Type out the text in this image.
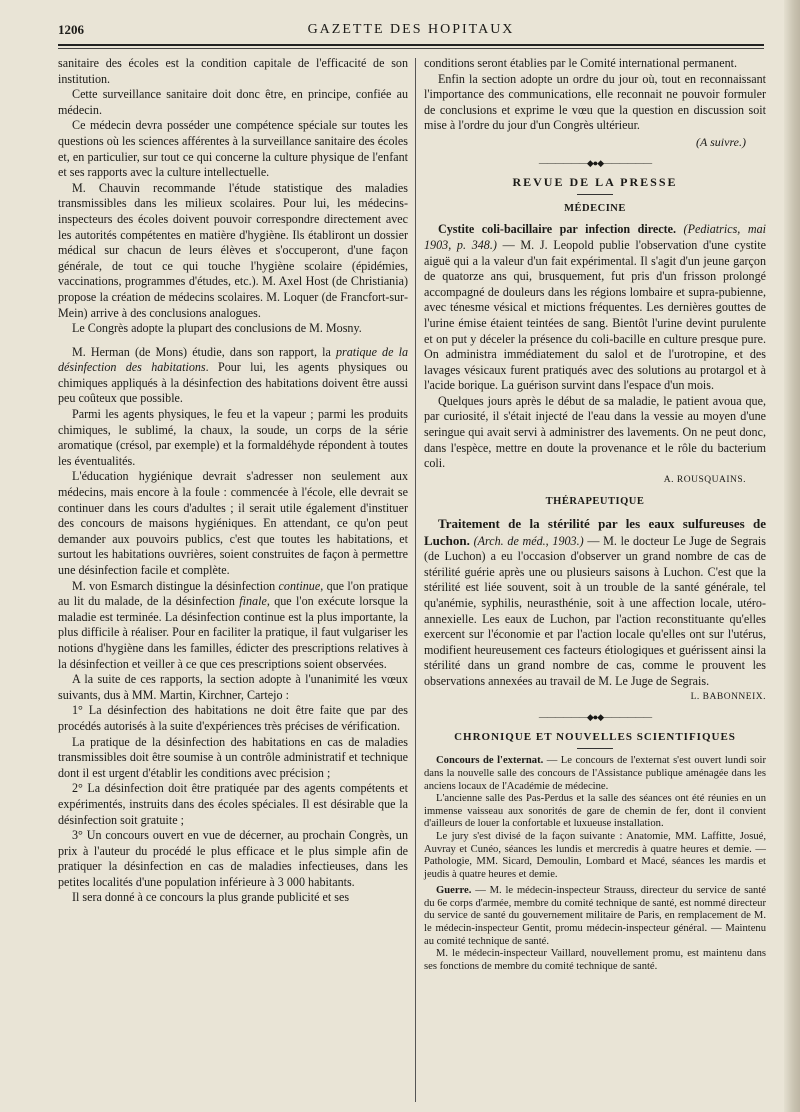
1206	GAZETTE DES HOPITAUX

sanitaire des écoles est la condition capitale de l'efficacité de son institution.

Cette surveillance sanitaire doit donc être, en principe, confiée au médecin.

Ce médecin devra posséder une compétence spéciale sur toutes les questions où les sciences afférentes à la surveillance sanitaire des écoles et, en particulier, sur tout ce qui concerne la culture physique de l'enfant et ses rapports avec la culture intellectuelle.

M. Chauvin recommande l'étude statistique des maladies transmissibles dans les milieux scolaires. Pour lui, les médecins-inspecteurs des écoles doivent pouvoir correspondre directement avec les autorités compétentes en matière d'hygiène. Ils établiront un dossier médical sur chacun de leurs élèves et s'occuperont, d'une façon générale, de tout ce qui touche l'hygiène scolaire (épidémies, vaccinations, programmes d'études, etc.). M. Axel Host (de Christiania) propose la création de médecins scolaires. M. Loquer (de Francfort-sur-Mein) arrive à des conclusions analogues.

Le Congrès adopte la plupart des conclusions de M. Mosny.

M. Herman (de Mons) étudie, dans son rapport, la pratique de la désinfection des habitations. Pour lui, les agents physiques ou chimiques appliqués à la désinfection des habitations doivent être aussi peu coûteux que possible.

Parmi les agents physiques, le feu et la vapeur ; parmi les produits chimiques, le sublimé, la chaux, la soude, un corps de la série aromatique (crésol, par exemple) et la formaldéhyde répondent à toutes les éventualités.

L'éducation hygiénique devrait s'adresser non seulement aux médecins, mais encore à la foule : commencée à l'école, elle devrait se continuer dans les cours d'adultes ; il serait utile également d'instituer des concours de maisons hygiéniques. En attendant, ce qu'on peut demander aux pouvoirs publics, c'est que toutes les habitations, et surtout les habitations ouvrières, soient construites de façon à permettre une désinfection facile et complète.

M. von Esmarch distingue la désinfection continue, que l'on pratique au lit du malade, de la désinfection finale, que l'on exécute lorsque la maladie est terminée. La désinfection continue est la plus importante, la plus difficile à réaliser. Pour en faciliter la pratique, il faut vulgariser les notions d'hygiène dans les familles, édicter des prescriptions relatives à la désinfection et veiller à ce que ces prescriptions soient observées.

A la suite de ces rapports, la section adopte à l'unanimité les vœux suivants, dus à MM. Martin, Kirchner, Cartejo :

1° La désinfection des habitations ne doit être faite que par des procédés autorisés à la suite d'expériences très précises de vérification.

La pratique de la désinfection des habitations en cas de maladies transmissibles doit être soumise à un contrôle administratif et technique dont il est urgent d'établir les conditions avec précision ;

2° La désinfection doit être pratiquée par des agents compétents et expérimentés, instruits dans des écoles spéciales. Il est désirable que la désinfection soit gratuite ;

3° Un concours ouvert en vue de décerner, au prochain Congrès, un prix à l'auteur du procédé le plus efficace et le plus simple afin de pratiquer la désinfection en cas de maladies infectieuses, dans les petites localités d'une population inférieure à 3 000 habitants.

Il sera donné à ce concours la plus grande publicité et ses

conditions seront établies par le Comité international permanent.

Enfin la section adopte un ordre du jour où, tout en reconnaissant l'importance des communications, elle reconnait ne pouvoir formuler de conclusions et exprime le vœu que la question en discussion soit mise à l'ordre du jour d'un Congrès ultérieur.

(A suivre.)
——————◆●◆——————
REVUE DE LA PRESSE
MÉDECINE

Cystite coli-bacillaire par infection directe. (Pediatrics, mai 1903, p. 348.) — M. J. Leopold publie l'observation d'une cystite aiguë qui a la valeur d'un fait expérimental. Il s'agit d'un jeune garçon de quatorze ans qui, brusquement, fut pris d'un frisson prolongé accompagné de douleurs dans les régions lombaire et supra-pubienne, avec ténesme vésical et mictions fréquentes. Les dernières gouttes de l'urine émise étaient teintées de sang. Bientôt l'urine devint purulente et on put y déceler la présence du coli-bacille en culture presque pure. On administra immédiatement du salol et de l'urotropine, et des lavages vésicaux furent pratiqués avec des solutions au protargol et à l'acide borique. La guérison survint dans l'espace d'un mois.

Quelques jours après le début de sa maladie, le patient avoua que, par curiosité, il s'était injecté de l'eau dans la vessie au moyen d'une seringue qui avait servi à administrer des lavements. On ne peut donc, dans l'espèce, mettre en doute la provenance et le rôle du bacterium coli.

A. ROUSQUAINS.
THÉRAPEUTIQUE

Traitement de la stérilité par les eaux sulfureuses de Luchon. (Arch. de méd., 1903.) — M. le docteur Le Juge de Segrais (de Luchon) a eu l'occasion d'observer un grand nombre de cas de stérilité guérie après une ou plusieurs saisons à Luchon. C'est que la stérilité est liée souvent, soit à un trouble de la santé générale, tel qu'anémie, syphilis, neurasthénie, soit à une affection locale, utéro-annexielle. Les eaux de Luchon, par l'action reconstituante qu'elles exercent sur l'économie et par l'action locale qu'elles ont sur l'utérus, modifient heureusement ces facteurs étiologiques et guérissent ainsi la stérilité dans un grand nombre de cas, comme le prouvent les observations annexées au travail de M. Le Juge de Segrais.
L. BABONNEIX.

——————◆●◆——————
CHRONIQUE ET NOUVELLES SCIENTIFIQUES

Concours de l'externat. — Le concours de l'externat s'est ouvert lundi soir dans la nouvelle salle des concours de l'Assistance publique aménagée dans les anciens locaux de l'Académie de médecine.

L'ancienne salle des Pas-Perdus et la salle des séances ont été réunies en un immense vaisseau aux sonorités de gare de chemin de fer, dont il convient d'ailleurs de louer la confortable et luxueuse installation.

Le jury s'est divisé de la façon suivante : Anatomie, MM. Laffitte, Josué, Auvray et Cunéo, séances les lundis et mercredis à quatre heures et demie. — Pathologie, MM. Sicard, Demoulin, Lombard et Macé, séances les mardis et jeudis à quatre heures et demie.

Guerre. — M. le médecin-inspecteur Strauss, directeur du service de santé du 6e corps d'armée, membre du comité technique de santé, est nommé directeur du service de santé du gouvernement militaire de Paris, en remplacement de M. le médecin-inspecteur Gentit, promu médecin-inspecteur général. — Maintenu au comité technique de santé.

M. le médecin-inspecteur Vaillard, nouvellement promu, est maintenu dans ses fonctions de membre du comité technique de santé.
